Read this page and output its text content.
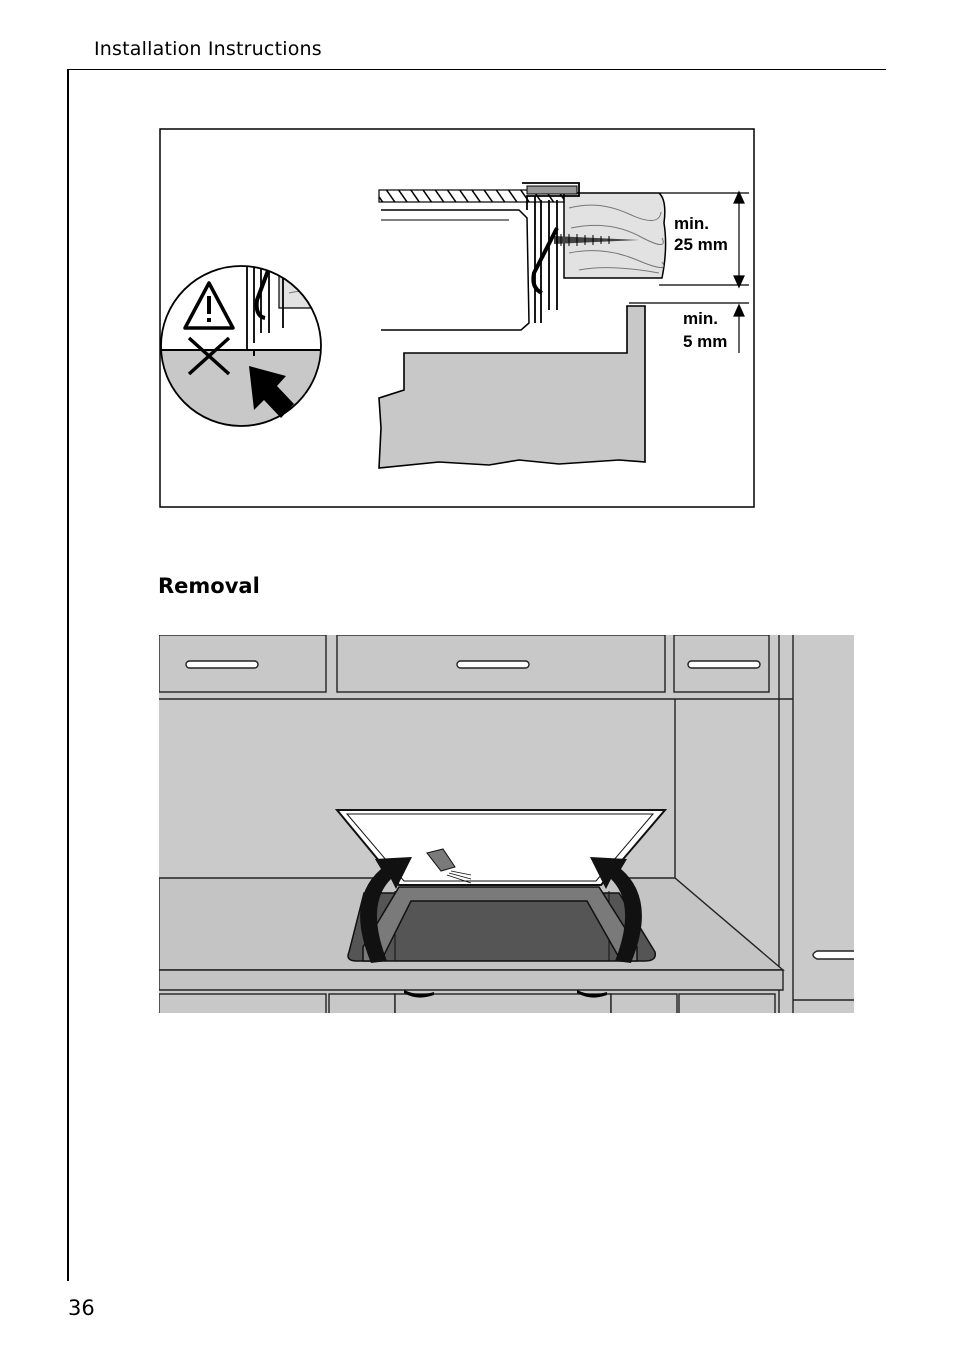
Installation Instructions
min.
25 mm
min.
5 mm
Removal
36
